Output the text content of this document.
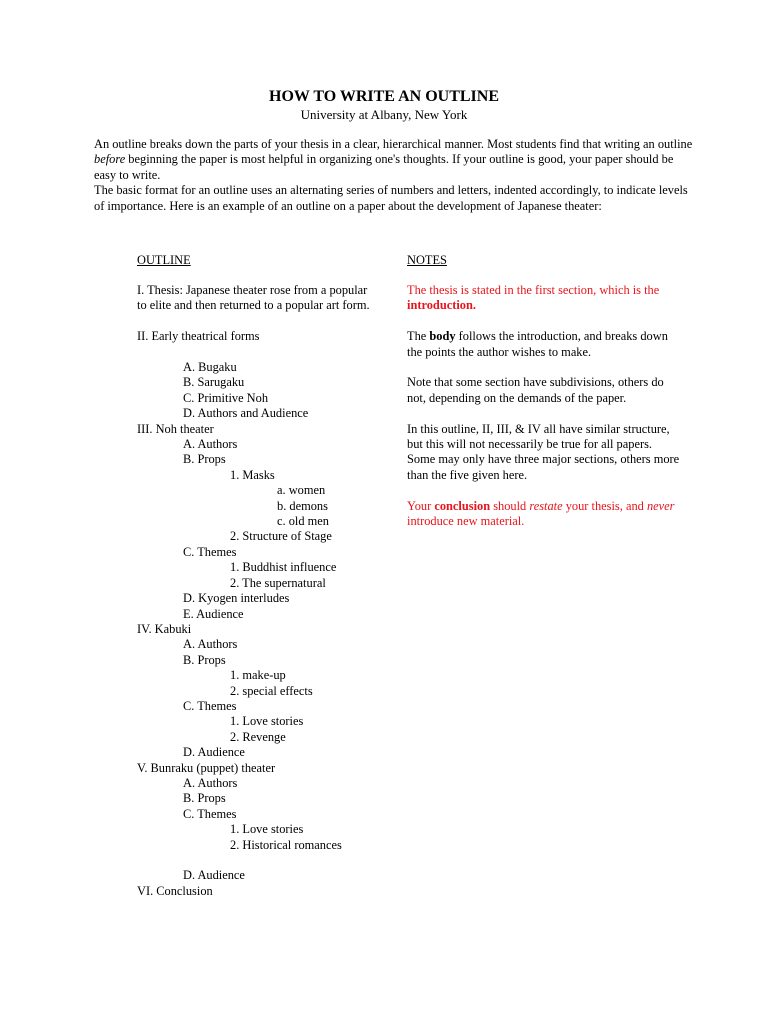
HOW TO WRITE AN OUTLINE
University at Albany, New York

An outline breaks down the parts of your thesis in a clear, hierarchical manner. Most students find that writing an outline before beginning the paper is most helpful in organizing one's thoughts. If your outline is good, your paper should be easy to write.

The basic format for an outline uses an alternating series of numbers and letters, indented accordingly, to indicate levels of importance. Here is an example of an outline on a paper about the development of Japanese theater:

OUTLINE	NOTES
I. Thesis: Japanese theater rose from a popular to elite and then returned to a popular art form.
II. Early theatrical forms
A. Bugaku
B. Sarugaku
C. Primitive Noh
D. Authors and Audience
III. Noh theater
A. Authors
B. Props
1. Masks
a. women
b. demons
c. old men
2. Structure of Stage
C. Themes
1. Buddhist influence
2. The supernatural
D. Kyogen interludes
E. Audience
IV. Kabuki
A. Authors
B. Props
1. make-up
2. special effects
C. Themes
1. Love stories
2. Revenge
D. Audience
V. Bunraku (puppet) theater
A. Authors
B. Props
C. Themes
1. Love stories
2. Historical romances
D. Audience
VI. Conclusion

The thesis is stated in the first section, which is the introduction.

The body follows the introduction, and breaks down the points the author wishes to make.

Note that some section have subdivisions, others do not, depending on the demands of the paper.

In this outline, II, III, & IV all have similar structure, but this will not necessarily be true for all papers. Some may only have three major sections, others more than the five given here.

Your conclusion should restate your thesis, and never introduce new material.
